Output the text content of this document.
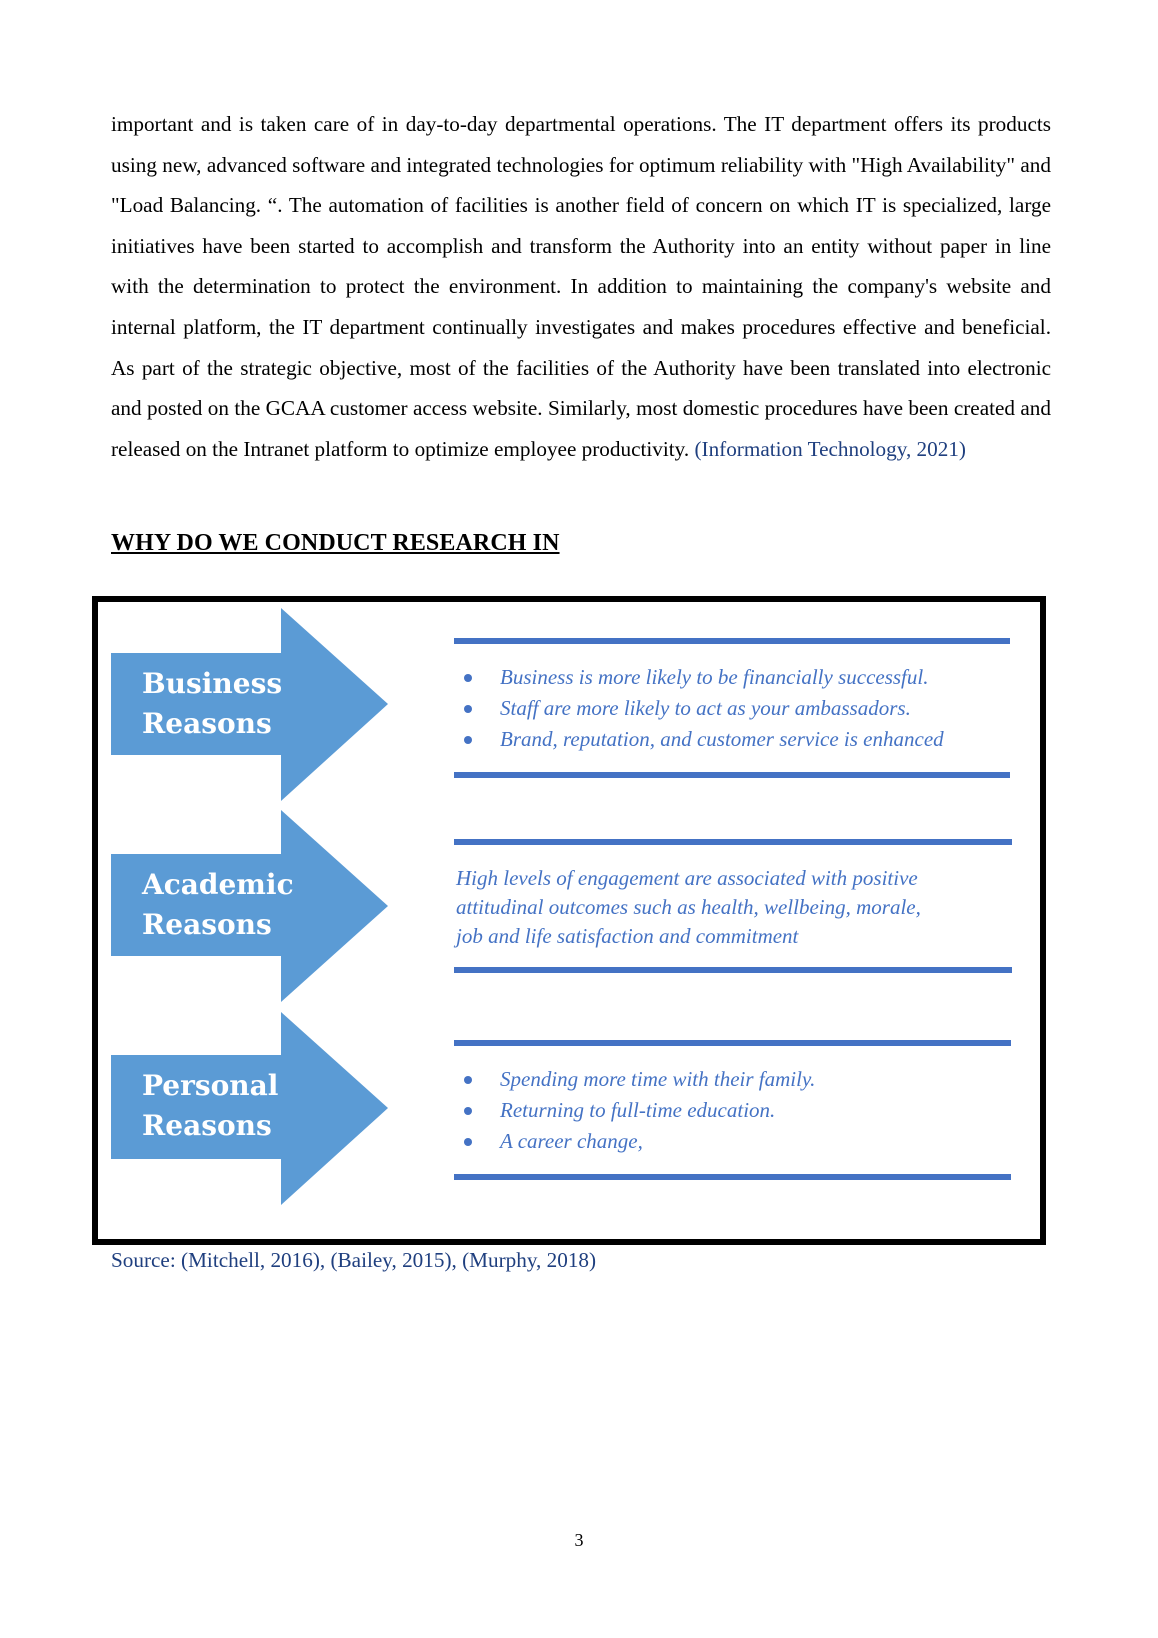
important and is taken care of in day-to-day departmental operations. The IT department offers its products using new, advanced software and integrated technologies for optimum reliability with "High Availability" and "Load Balancing. “. The automation of facilities is another field of concern on which IT is specialized, large initiatives have been started to accomplish and transform the Authority into an entity without paper in line with the determination to protect the environment. In addition to maintaining the company's website and internal platform, the IT department continually investigates and makes procedures effective and beneficial. As part of the strategic objective, most of the facilities of the Authority have been translated into electronic and posted on the GCAA customer access website. Similarly, most domestic procedures have been created and released on the Intranet platform to optimize employee productivity. (Information Technology, 2021)

WHY DO WE CONDUCT RESEARCH IN

Business
Reasons

Business is more likely to be financially successful.
Staff are more likely to act as your ambassadors.
Brand, reputation, and customer service is enhanced

Academic
Reasons

High levels of engagement are associated with positive
attitudinal outcomes such as health, wellbeing, morale,
job and life satisfaction and commitment

Personal
Reasons

Spending more time with their family.
Returning to full-time education.
A career change,

Source: (Mitchell, 2016), (Bailey, 2015), (Murphy, 2018)

3
